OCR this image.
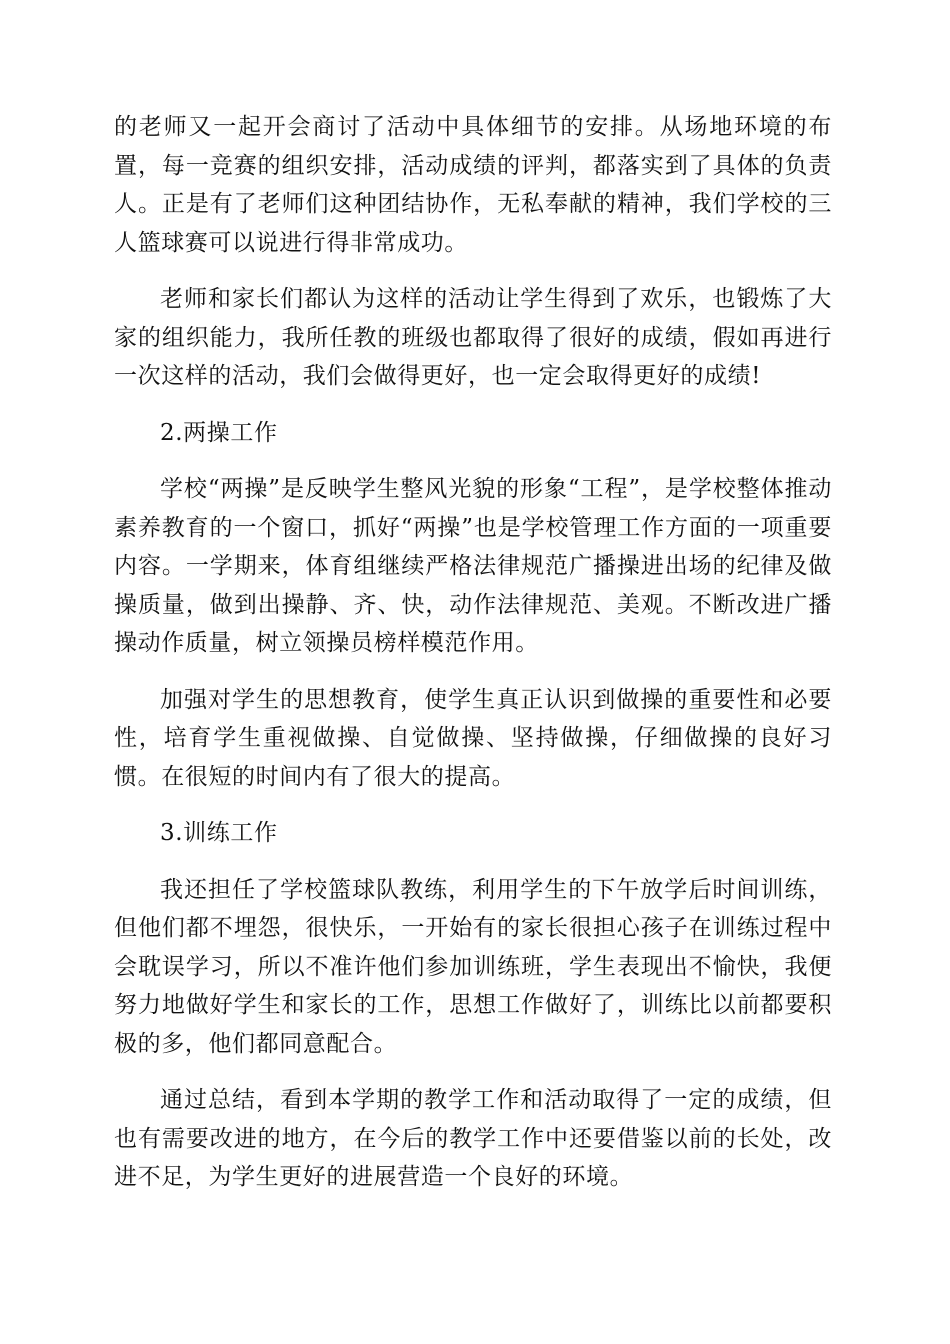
的老师又一起开会商讨了活动中具体细节的安排。从场地环境的布置，每一竞赛的组织安排，活动成绩的评判，都落实到了具体的负责人。正是有了老师们这种团结协作，无私奉献的精神，我们学校的三人篮球赛可以说进行得非常成功。

老师和家长们都认为这样的活动让学生得到了欢乐，也锻炼了大家的组织能力，我所任教的班级也都取得了很好的成绩，假如再进行一次这样的活动，我们会做得更好，也一定会取得更好的成绩!

2.两操工作

学校“两操”是反映学生整风光貌的形象“工程”，是学校整体推动素养教育的一个窗口，抓好“两操”也是学校管理工作方面的一项重要内容。一学期来，体育组继续严格法律规范广播操进出场的纪律及做操质量，做到出操静、齐、快，动作法律规范、美观。不断改进广播操动作质量，树立领操员榜样模范作用。

加强对学生的思想教育，使学生真正认识到做操的重要性和必要性，培育学生重视做操、自觉做操、坚持做操，仔细做操的良好习惯。在很短的时间内有了很大的提高。

3.训练工作

我还担任了学校篮球队教练，利用学生的下午放学后时间训练，但他们都不埋怨，很快乐，一开始有的家长很担心孩子在训练过程中会耽误学习，所以不准许他们参加训练班，学生表现出不愉快，我便努力地做好学生和家长的工作，思想工作做好了，训练比以前都要积极的多，他们都同意配合。

通过总结，看到本学期的教学工作和活动取得了一定的成绩，但也有需要改进的地方，在今后的教学工作中还要借鉴以前的长处，改进不足，为学生更好的进展营造一个良好的环境。
